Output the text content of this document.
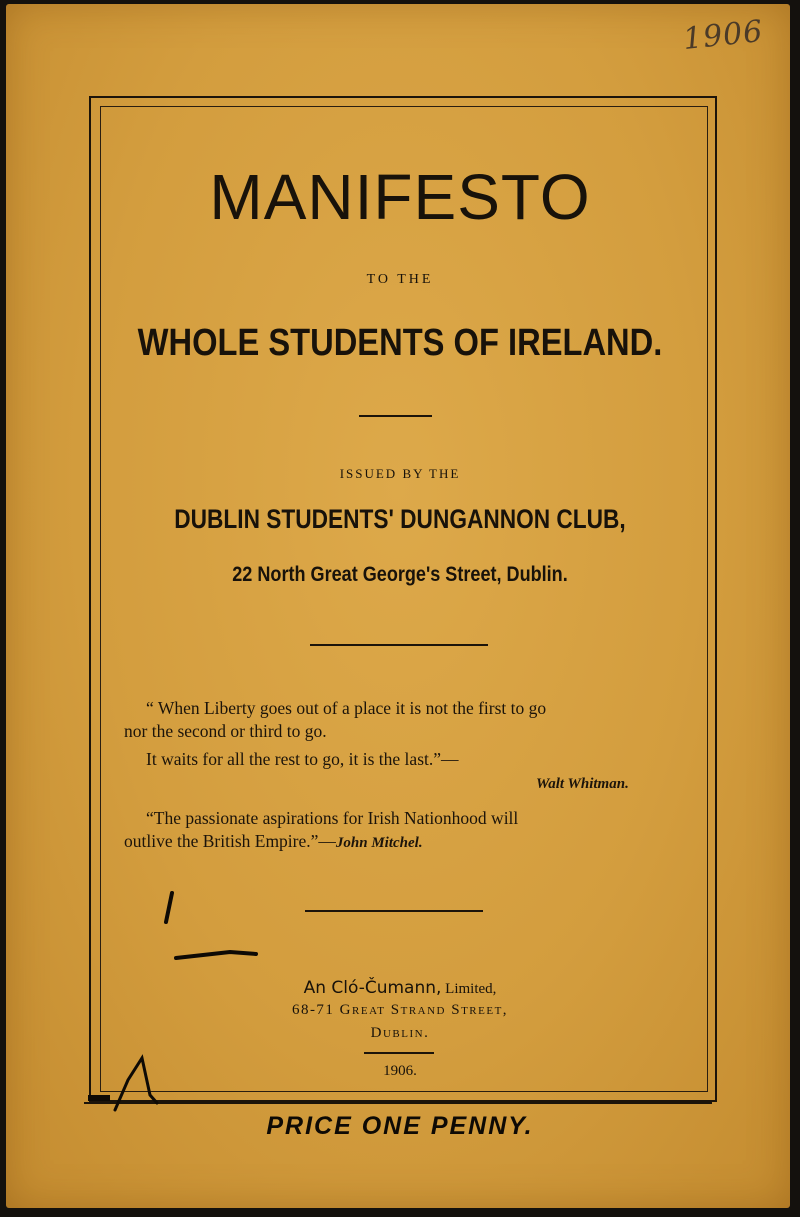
1906
MANIFESTO

TO THE

WHOLE STUDENTS OF IRELAND.

ISSUED BY THE

DUBLIN STUDENTS' DUNGANNON CLUB,

22 North Great George's Street, Dublin.

“ When Liberty goes out of a place it is not the first to go

nor the second or third to go.

It waits for all the rest to go, it is the last.”—

Walt Whitman.

“The passionate aspirations for Irish Nationhood will

outlive the British Empire.”—John Mitchel.

An Cló-Čumann, Limited,

68-71 Great Strand Street,

Dublin.

1906.

PRICE ONE PENNY.
